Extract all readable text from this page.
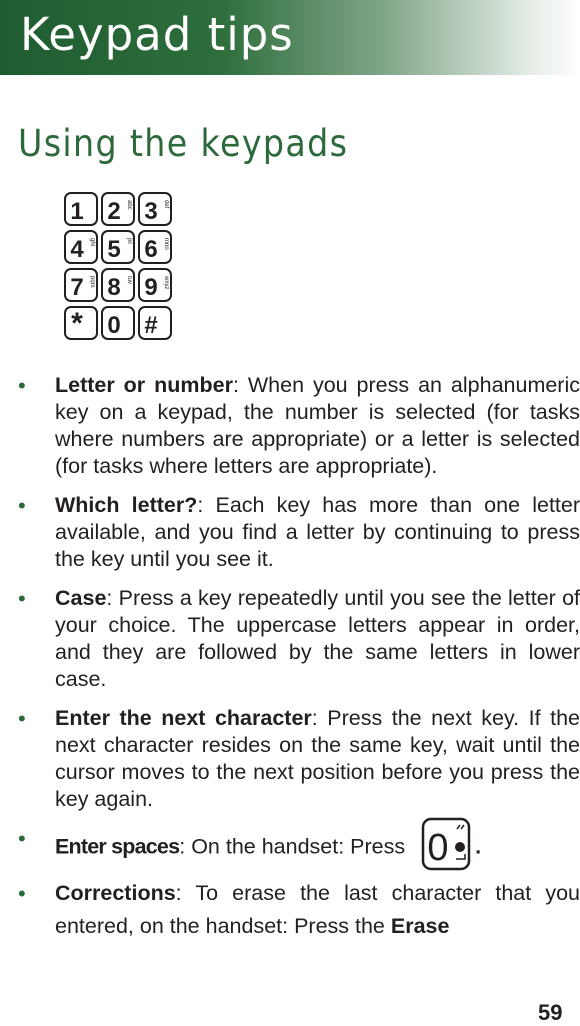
Keypad tips
Using the keypads
1 2 abc 3 def
4 ghi 5 jkl 6 mno
7 pqrs 8 tuv 9 wxyz
* 0 #
• Letter or number: When you press an alphanumeric key on a keypad, the number is selected (for tasks where numbers are appropriate) or a letter is selected (for tasks where letters are appropriate).
• Which letter?: Each key has more than one letter available, and you find a letter by continuing to press the key until you see it.
• Case: Press a key repeatedly until you see the letter of your choice. The uppercase letters appear in order, and they are followed by the same letters in lower case.
• Enter the next character: Press the next key. If the next character resides on the same key, wait until the cursor moves to the next position before you press the key again.
• Enter spaces: On the handset: Press 0 .
• Corrections: To erase the last character that you entered, on the handset: Press the Erase
59
